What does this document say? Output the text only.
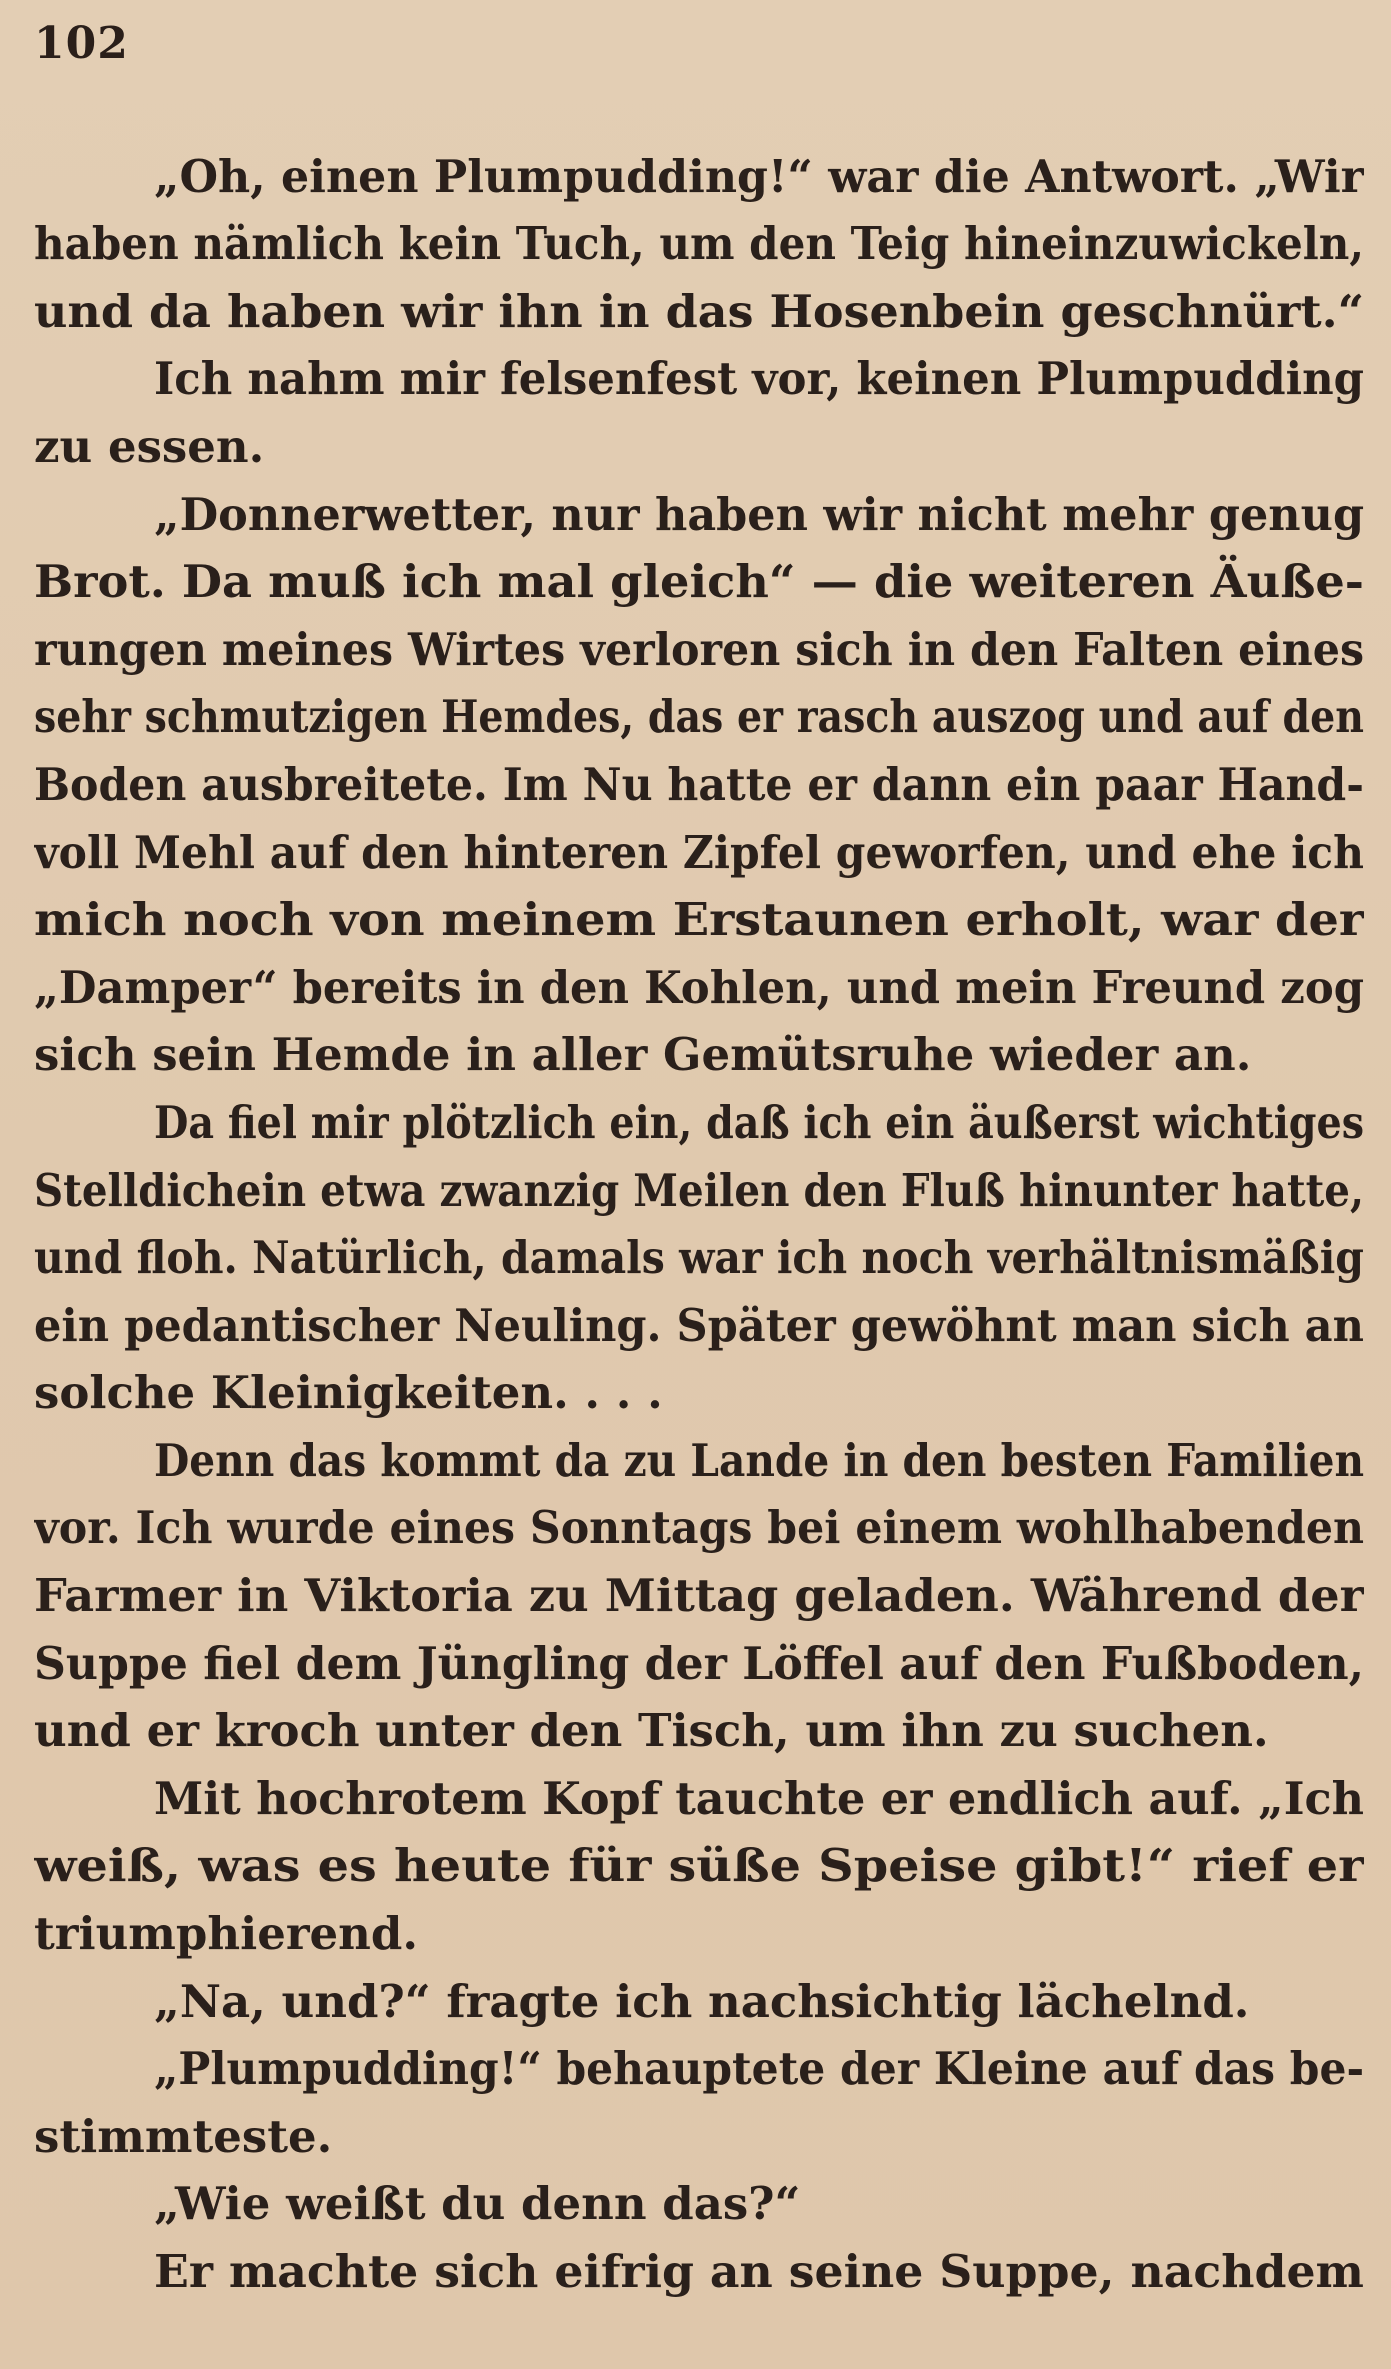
102
„Oh, einen Plumpudding!“ war die Antwort. „Wir
haben nämlich kein Tuch, um den Teig hineinzuwickeln,
und da haben wir ihn in das Hosenbein geschnürt.“
Ich nahm mir felsenfest vor, keinen Plumpudding
zu essen.
„Donnerwetter, nur haben wir nicht mehr genug
Brot. Da muß ich mal gleich“ — die weiteren Äuße-
rungen meines Wirtes verloren sich in den Falten eines
sehr schmutzigen Hemdes, das er rasch auszog und auf den
Boden ausbreitete. Im Nu hatte er dann ein paar Hand-
voll Mehl auf den hinteren Zipfel geworfen, und ehe ich
mich noch von meinem Erstaunen erholt, war der
„Damper“ bereits in den Kohlen, und mein Freund zog
sich sein Hemde in aller Gemütsruhe wieder an.
Da fiel mir plötzlich ein, daß ich ein äußerst wichtiges
Stelldichein etwa zwanzig Meilen den Fluß hinunter hatte,
und floh. Natürlich, damals war ich noch verhältnismäßig
ein pedantischer Neuling. Später gewöhnt man sich an
solche Kleinigkeiten. . . .
Denn das kommt da zu Lande in den besten Familien
vor. Ich wurde eines Sonntags bei einem wohlhabenden
Farmer in Viktoria zu Mittag geladen. Während der
Suppe fiel dem Jüngling der Löffel auf den Fußboden,
und er kroch unter den Tisch, um ihn zu suchen.
Mit hochrotem Kopf tauchte er endlich auf. „Ich
weiß, was es heute für süße Speise gibt!“ rief er
triumphierend.
„Na, und?“ fragte ich nachsichtig lächelnd.
„Plumpudding!“ behauptete der Kleine auf das be-
stimmteste.
„Wie weißt du denn das?“
Er machte sich eifrig an seine Suppe, nachdem
